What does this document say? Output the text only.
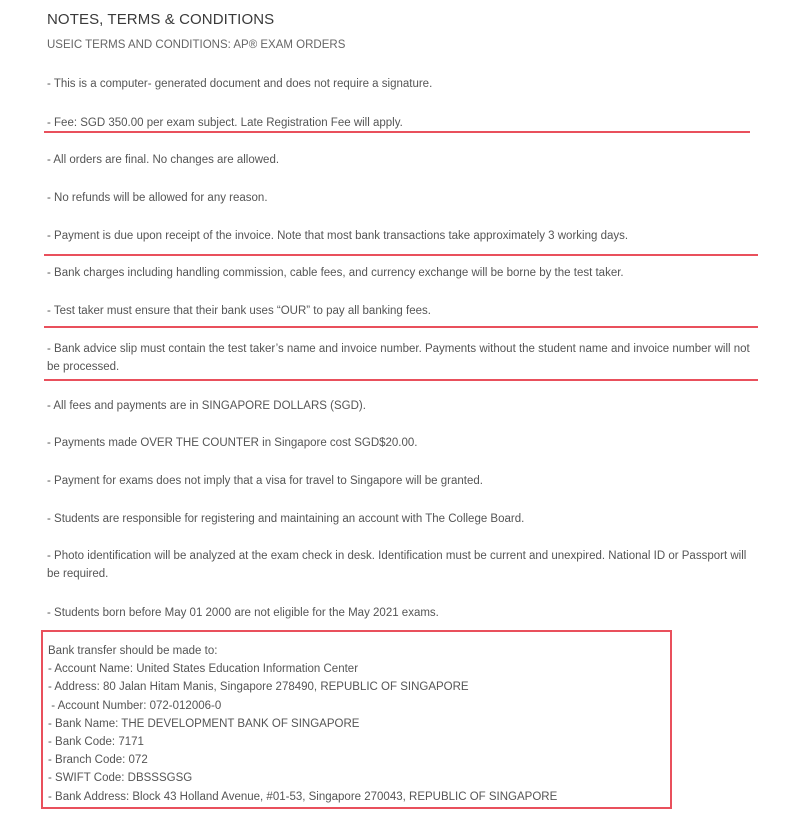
NOTES, TERMS & CONDITIONS
USEIC TERMS AND CONDITIONS: AP® EXAM ORDERS
- This is a computer- generated document and does not require a signature.
- Fee: SGD 350.00 per exam subject. Late Registration Fee will apply.
- All orders are final. No changes are allowed.
- No refunds will be allowed for any reason.
- Payment is due upon receipt of the invoice. Note that most bank transactions take approximately 3 working days.
- Bank charges including handling commission, cable fees, and currency exchange will be borne by the test taker.
- Test taker must ensure that their bank uses “OUR” to pay all banking fees.
- Bank advice slip must contain the test taker’s name and invoice number. Payments without the student name and invoice number will not be processed.
- All fees and payments are in SINGAPORE DOLLARS (SGD).
- Payments made OVER THE COUNTER in Singapore cost SGD$20.00.
- Payment for exams does not imply that a visa for travel to Singapore will be granted.
- Students are responsible for registering and maintaining an account with The College Board.
- Photo identification will be analyzed at the exam check in desk. Identification must be current and unexpired. National ID or Passport will be required.
- Students born before May 01 2000 are not eligible for the May 2021 exams.
Bank transfer should be made to:
- Account Name: United States Education Information Center
- Address: 80 Jalan Hitam Manis, Singapore 278490, REPUBLIC OF SINGAPORE
- Account Number: 072-012006-0
- Bank Name: THE DEVELOPMENT BANK OF SINGAPORE
- Bank Code: 7171
- Branch Code: 072
- SWIFT Code: DBSSSGSG
- Bank Address: Block 43 Holland Avenue, #01-53, Singapore 270043, REPUBLIC OF SINGAPORE
